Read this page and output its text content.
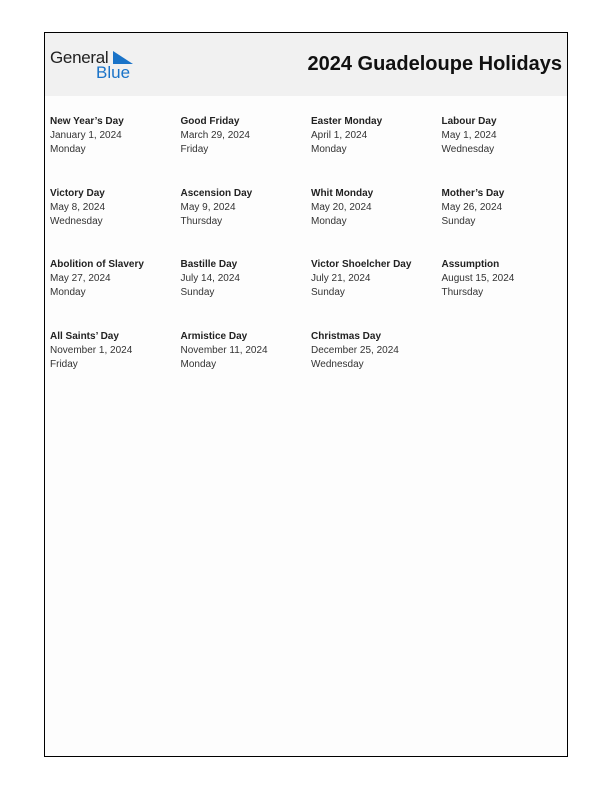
General
Blue	2024 Guadeloupe Holidays
New Year’s Day
January 1, 2024
Monday
Good Friday
March 29, 2024
Friday
Easter Monday
April 1, 2024
Monday
Labour Day
May 1, 2024
Wednesday
Victory Day
May 8, 2024
Wednesday
Ascension Day
May 9, 2024
Thursday
Whit Monday
May 20, 2024
Monday
Mother’s Day
May 26, 2024
Sunday
Abolition of Slavery
May 27, 2024
Monday
Bastille Day
July 14, 2024
Sunday
Victor Shoelcher Day
July 21, 2024
Sunday
Assumption
August 15, 2024
Thursday
All Saints’ Day
November 1, 2024
Friday
Armistice Day
November 11, 2024
Monday
Christmas Day
December 25, 2024
Wednesday
